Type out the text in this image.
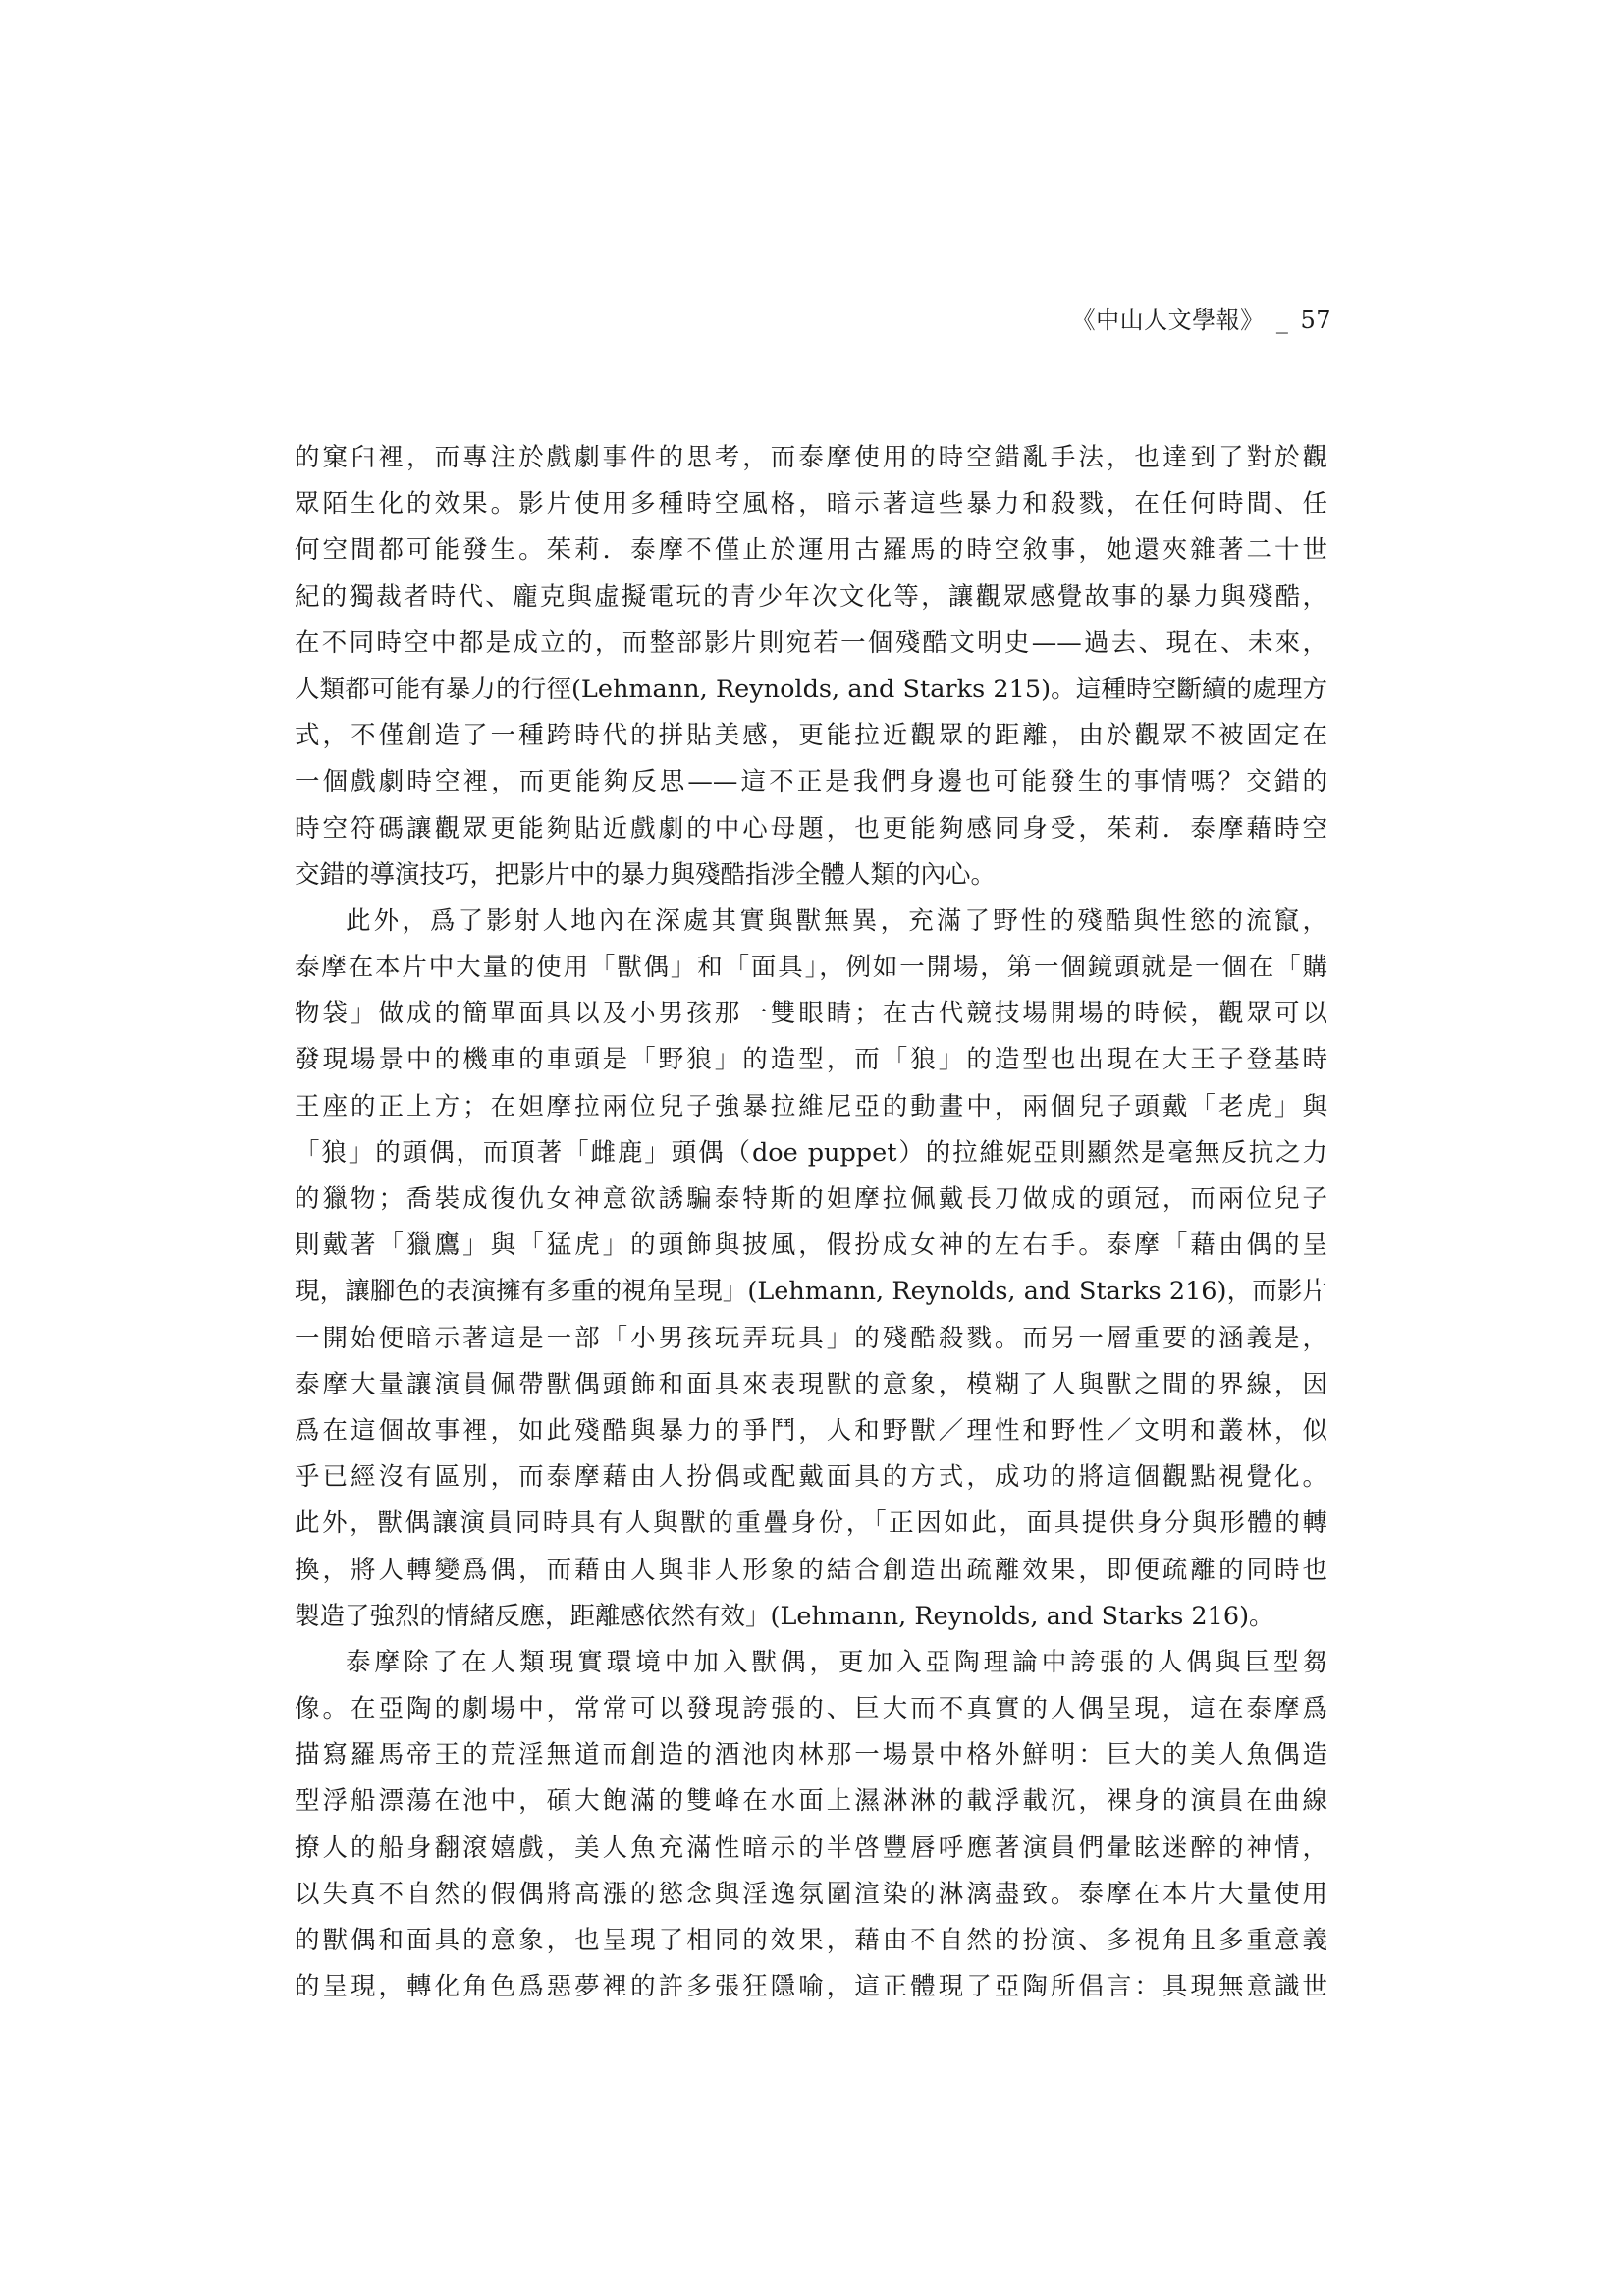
《中山人文學報》 _ 57
的窠臼裡，而專注於戲劇事件的思考，而泰摩使用的時空錯亂手法，也達到了對於觀
眾陌生化的效果。影片使用多種時空風格，暗示著這些暴力和殺戮，在任何時間、任
何空間都可能發生。茱莉．泰摩不僅止於運用古羅馬的時空敘事，她還夾雜著二十世
紀的獨裁者時代、龐克與虛擬電玩的青少年次文化等，讓觀眾感覺故事的暴力與殘酷，
在不同時空中都是成立的，而整部影片則宛若一個殘酷文明史——過去、現在、未來，
人類都可能有暴力的行徑(Lehmann, Reynolds, and Starks 215)。這種時空斷續的處理方
式，不僅創造了一種跨時代的拼貼美感，更能拉近觀眾的距離，由於觀眾不被固定在
一個戲劇時空裡，而更能夠反思——這不正是我們身邊也可能發生的事情嗎？交錯的
時空符碼讓觀眾更能夠貼近戲劇的中心母題，也更能夠感同身受，茱莉．泰摩藉時空
交錯的導演技巧，把影片中的暴力與殘酷指涉全體人類的內心。
此外，爲了影射人地內在深處其實與獸無異，充滿了野性的殘酷與性慾的流竄，
泰摩在本片中大量的使用「獸偶」和「面具」，例如一開場，第一個鏡頭就是一個在「購
物袋」做成的簡單面具以及小男孩那一雙眼睛；在古代競技場開場的時候，觀眾可以
發現場景中的機車的車頭是「野狼」的造型，而「狼」的造型也出現在大王子登基時
王座的正上方；在妲摩拉兩位兒子強暴拉維尼亞的動畫中，兩個兒子頭戴「老虎」與
「狼」的頭偶，而頂著「雌鹿」頭偶（doe puppet）的拉維妮亞則顯然是毫無反抗之力
的獵物；喬裝成復仇女神意欲誘騙泰特斯的妲摩拉佩戴長刀做成的頭冠，而兩位兒子
則戴著「獵鷹」與「猛虎」的頭飾與披風，假扮成女神的左右手。泰摩「藉由偶的呈
現，讓腳色的表演擁有多重的視角呈現」(Lehmann, Reynolds, and Starks 216)，而影片
一開始便暗示著這是一部「小男孩玩弄玩具」的殘酷殺戮。而另一層重要的涵義是，
泰摩大量讓演員佩帶獸偶頭飾和面具來表現獸的意象，模糊了人與獸之間的界線，因
爲在這個故事裡，如此殘酷與暴力的爭鬥，人和野獸／理性和野性／文明和叢林，似
乎已經沒有區別，而泰摩藉由人扮偶或配戴面具的方式，成功的將這個觀點視覺化。
此外，獸偶讓演員同時具有人與獸的重疊身份，「正因如此，面具提供身分與形體的轉
換，將人轉變爲偶，而藉由人與非人形象的結合創造出疏離效果，即便疏離的同時也
製造了強烈的情緒反應，距離感依然有效」(Lehmann, Reynolds, and Starks 216)。
泰摩除了在人類現實環境中加入獸偶，更加入亞陶理論中誇張的人偶與巨型芻
像。在亞陶的劇場中，常常可以發現誇張的、巨大而不真實的人偶呈現，這在泰摩爲
描寫羅馬帝王的荒淫無道而創造的酒池肉林那一場景中格外鮮明：巨大的美人魚偶造
型浮船漂蕩在池中，碩大飽滿的雙峰在水面上濕淋淋的載浮載沉，裸身的演員在曲線
撩人的船身翻滾嬉戲，美人魚充滿性暗示的半啓豐唇呼應著演員們暈眩迷醉的神情，
以失真不自然的假偶將高漲的慾念與淫逸氛圍渲染的淋漓盡致。泰摩在本片大量使用
的獸偶和面具的意象，也呈現了相同的效果，藉由不自然的扮演、多視角且多重意義
的呈現，轉化角色爲惡夢裡的許多張狂隱喻，這正體現了亞陶所倡言：具現無意識世
